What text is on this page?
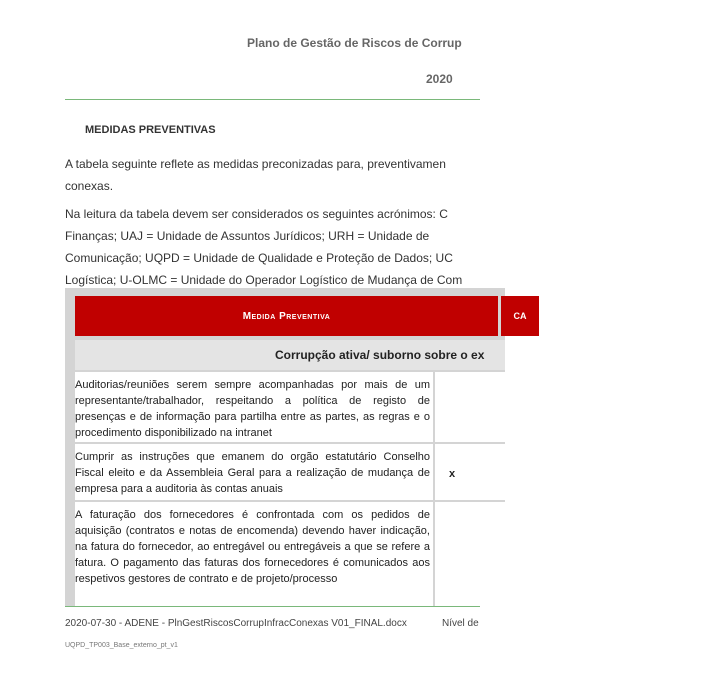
Plano de Gestão de Riscos de Corrup
2020
MEDIDAS PREVENTIVAS

A tabela seguinte reflete as medidas preconizadas para, preventivamen

conexas.

Na leitura da tabela devem ser considerados os seguintes acrónimos: C

Finanças; UAJ = Unidade de Assuntos Jurídicos; URH = Unidade de

Comunicação; UQPD = Unidade de Qualidade e Proteção de Dados; UC

Logística; U-OLMC = Unidade do Operador Logístico de Mudança de Com

Medida Preventiva	CA
Corrupção ativa/ suborno sobre o ex
Auditorias/reuniões serem sempre acompanhadas por mais de um representante/trabalhador, respeitando a política de registo de presenças e de informação para partilha entre as partes, as regras e o procedimento disponibilizado na intranet
Cumprir as instruções que emanem do orgão estatutário Conselho Fiscal eleito e da Assembleia Geral para a realização de mudança de empresa para a auditoria às contas anuais
x
A faturação dos fornecedores é confrontada com os pedidos de aquisição (contratos e notas de encomenda) devendo haver indicação, na fatura do fornecedor, ao entregável ou entregáveis a que se refere a fatura. O pagamento das faturas dos fornecedores é comunicados aos respetivos gestores de contrato e de projeto/processo
2020-07-30 - ADENE - PlnGestRiscosCorrupInfracConexas V01_FINAL.docx	Nível de
UQPD_TP003_Base_externo_pt_v1
